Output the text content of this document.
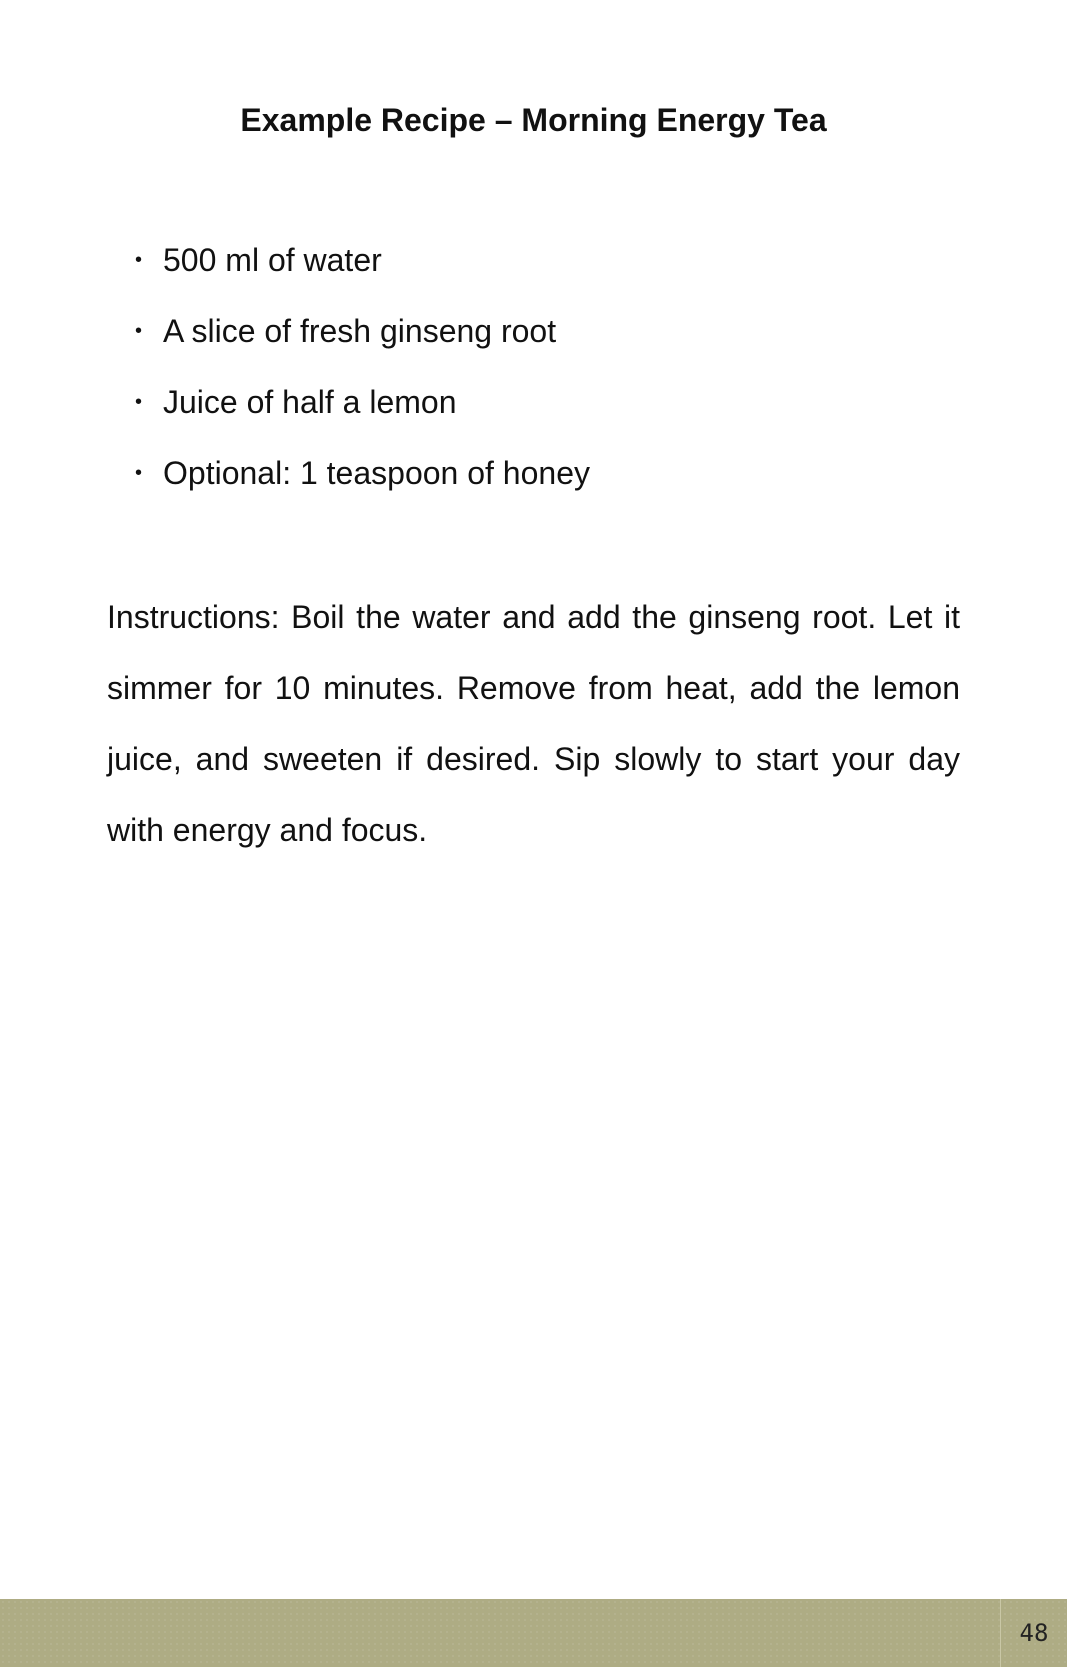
Example Recipe – Morning Energy Tea
• 500 ml of water
• A slice of fresh ginseng root
• Juice of half a lemon
• Optional: 1 teaspoon of honey

Instructions: Boil the water and add the ginseng root. Let it simmer for 10 minutes. Remove from heat, add the lemon juice, and sweeten if desired. Sip slowly to start your day with energy and focus.

48
